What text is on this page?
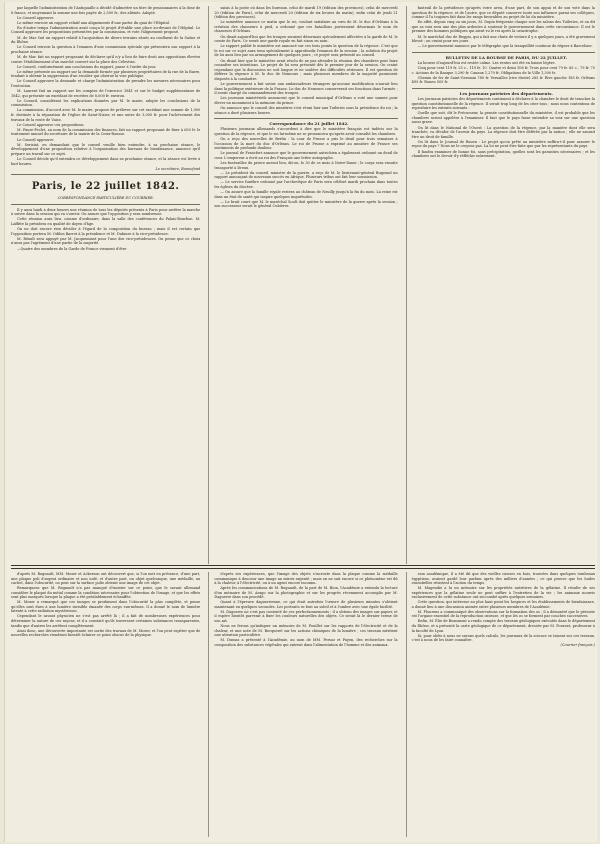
par laquelle l'administration de l'Antiquaille a décidé d'admettre un titre de pensionnaires à la dose de 8 francs, et moyennant la somme une fois payée de 2,500 fr., des aliénés. Adopté.

Le Conseil approuve.

Le même renvoie un rapport relatif aux alignements d'une partie du quai de l'Hôpital.

En d'autre temps l'administration avait conçu le projet d'établir une place au-devant de l'Hôpital. Le Conseil approuve les propositions présentées par la commission, et vote l'alignement proposé.

M. de Mar. fait un rapport relatif à l'acquisition de divers terrains situés au confluent de la Saône et du Rhône.

Le Conseil renvoie la question à l'examen d'une commission spéciale qui présentera son rapport à la prochaine séance.

M. de Mar. fait un rapport proposant de déclarer qu'il n'y a lieu de faire droit aux oppositions élevées contre l'établissement d'un marché couvert sur la place des Célestins.

Le Conseil, conformément aux conclusions du rapport, passe à l'ordre du jour.

Le même présente un rapport sur la demande formée par plusieurs propriétaires de la rue de la Barre, tendant à obtenir la suppression d'un escalier qui obstrue la voie publique.

Le Conseil approuve la demande et charge l'administration de prendre les mesures nécessaires pour l'exécution.

M. Laurent fait un rapport sur les comptes de l'exercice 1841 et sur le budget supplémentaire de 1842, qui présente un excédant de recettes de 8,000 fr. environ.

Le Conseil, considérant les explications données par M. le maire, adopte les conclusions de la commission.

La commission, d'accord avec M. le maire, propose de prélever sur cet excédant une somme de 1,000 fr. destinée à la réparation de l'église de Saint-Nizier, et une autre de 3,000 fr. pour l'achèvement des travaux de la route de Vaise.

Le Conseil approuve ces propositions.

M. Faure-Peclet, au nom de la commission des finances, fait un rapport proposant de fixer à 650 fr. le traitement annuel du secrétaire de la mairie de la Croix-Rousse.

Le Conseil approuve.

M. Seriziat, en demandant que le conseil veuille bien entendre, à sa prochaine séance, le développement d'une proposition relative à l'organisation des bureaux de bienfaisance, annonce qu'il prépare un travail sur ce sujet.

Le Conseil décide qu'il entendra ce développement dans sa prochaine séance, et la séance est levée à huit heures.

Le secrétaire, Bonnefond

Paris, le 22 juillet 1842.

CORRESPONDANCE PARTICULIÈRE DU COURRIER.

Il y aura lundi à deux heures une réunion de tous les députés présents à Paris pour arrêter la marche à suivre dans la session qui va s'ouvrir. On assure que l'opposition y sera nombreuse.

Cette réunion aura lieu, comme d'ordinaire, dans la salle des conférences du Palais-Bourbon. M. Laffitte la présidera en qualité de doyen d'âge.

On ne doit encore rien décider à l'égard de la composition du bureau ; mais il est certain que l'opposition portera M. Odilon Barrot à la présidence et M. Dufaure à la vice-présidence.

M. Réault sera appuyé par M. Jacqueminot pour l'une des vice-présidences. On pense que ce choix n'aura pas l'agrément d'une partie de la majorité.

—Quatre des membres de la Garde de France viennent d'être

saisis à la poste où dans les bureaux, celui de mardi 19 (édition des provinces), celui de mercredi 20 (édition de Paris), celui de mercredi 20 (édition de six heures du matin), enfin celui de jeudi 21 (édition des provinces).

Le ministère annonce ce matin que le roi, voulant satisfaire au vœu de M. le duc d'Orléans à la création des chasseurs à pied, a ordonné que ces bataillons porteraient désormais le nom de chasseurs d'Orléans.

On disait aujourd'hui que les troupes seraient désormais spécialement affectées à la garde de M. le comte de Paris. Ce serait une garde royale en fait sinon en nom.

Le rapport publié le ministère est annoncé sur ces trois points la question de la régence. C'est que le roi sur ce sujet aura tenu spécialement à approfondir l'examen de la session ; la solution du projet de loi aura lieu par un arrangement de quelques jours ; ce projet sera présenté au conseil.

On disait hier que le ministère avait résolu de ne pas attendre la réunion des chambres pour faire connaître ses intentions. Le projet de loi sera présenté dès le premier jour de la session. On craint cependant que la discussion ne soit longue et ne soulève des difficultés sérieuses. Il est question de déférer la régence à M. le duc de Nemours ; mais plusieurs membres de la majorité paraissent disposés à la combattre.

Le gouvernement a fait savoir aux ambassadeurs étrangers qu'aucune modification n'aurait lieu dans la politique extérieure de la France. Le duc de Nemours conserverait ses fonctions dans l'armée ; il serait chargé du commandement des troupes.

Les journaux ministériels annoncent que le conseil municipal d'Orléans a voté une somme pour élever un monument à la mémoire du prince.

On annonce que le conseil des ministres s'est réuni hier aux Tuileries sous la présidence du roi ; la séance a duré plusieurs heures.

Correspondance du 21 juillet 1842.

Plusieurs journaux allemands s'accordent à dire que le ministère français est indécis sur la question de la régence, et que le roi lui-même ne se prononcera qu'après avoir consulté les chambres.

On a reçu des nouvelles de Berlin : la cour de Prusse a pris le deuil pour trois semaines à l'occasion de la mort du duc d'Orléans. Le roi de Prusse a exprimé au ministre de France ses sentiments de profonde douleur.

Le journal de Francfort annonce que le gouvernement autrichien a également ordonné un deuil de cour. L'empereur a écrit au roi des Français une lettre autographe.

Les funérailles du prince auront lieu, dit-on, le 30 de ce mois à Notre-Dame ; le corps sera ensuite transporté à Dreux.

— Le président du conseil, ministre de la guerre, a reçu de M. le lieutenant-général Bugeaud un rapport annonçant de nouveaux succès en Afrique. Plusieurs tribus ont fait leur soumission.

— Le service funèbre ordonné par l'archevêque de Paris sera célébré mardi prochain dans toutes les églises du diocèse.

— On assure que la famille royale restera au château de Neuilly jusqu'à la fin du mois. La reine est dans un état de santé qui inspire quelques inquiétudes.

— Le bruit court que M. le maréchal Soult doit quitter le ministère de la guerre après la session ; son successeur serait le général Cubières.

fauteuil de la présidence qu'après votre aveu, d'une part, de son appui et de son vote dans la question de la régence, et de l'autre, que ce député conserve toute son influence parmi ses collègues, comme il l'a toujours fait dans les rangs favorables au projet de loi du ministère.

En effet, depuis cinq ou six jours, M. Dupin fréquente chaque soir les salons des Tuileries, et on dit que sa voix sera une des plus ardentes à soutenir le gouvernement dans cette circonstance. Il est le premier des hommes politiques qui aient vu le roi après la catastrophe.

M. le maréchal duc de Reggio, qui a fait une chute de voiture il y a quelques jours, a été gravement blessé ; on craint pour ses jours.

— Le gouvernement annonce par le télégraphe que la tranquillité continue de régner à Barcelone.

BULLETIN DE LA BOURSE DE PARIS, DU 22 JUILLET.

La bourse d'aujourd'hui est restée calme. Les rentes ont été en baisse légère.

Cinq pour cent 119 fr. 25 c., 119 fr. 10. Quatre et demi 108 fr. Trois pour cent 79 fr. 85 c., 79 fr. 75 c. Actions de la Banque 3,290 fr. Canaux 1,270 fr. Obligations de la Ville 1,300 fr.

Chemin de fer de Saint-Germain 780 fr. Versailles (rive droite) 285 fr. Rive gauche 185 fr. Orléans 495 fr. Rouen 505 fr.

Les journaux patriotes des départements.

Les journaux patriotes des départements continuent à déclarer à la chambre le droit de trancher la question constitutionnelle de la régence. Il serait trop long de les citer tous ; nous nous contentons de reproduire les extraits suivants :

Quelle que soit, dit le Précurseur, la pensée constitutionnelle du ministère, il est probable que les chambres seront appelées à l'examiner. Il faut que le pays fasse entendre sa voix sur une question aussi grave.

On lit dans le National de l'Ouest : La question de la régence, par la manière dont elle sera tranchée, va décider de l'avenir du pays. La régence doit être déférée par la nation ; elle ne saurait être un droit de famille.

On lit dans le Journal de Rouen : Le projet qu'on prête au ministère suffira-t-il pour assurer le repos du pays ? Nous ne le croyons pas. La loi ne peut être faite que par les représentants du pays.

Il faudra examiner de bonne foi, sans précipitation, quelles sont les garanties nécessaires ; et les chambres ont le devoir d'y réfléchir mûrement.

d'après M. Regnault, MM. Moser et Ackerson ont découvert que, si l'on met en présence, d'une part, une plaque poli d'argent ordinaire et non iodé, et d'autre part, un objet quelconque, une médaille, un cachet, dans l'obscurité, on peut sur la surface polie obtenir une image de cet objet.

Remarquons que M. Regnault n'a pas manqué d'insister sur ce point, que le savant allemand considère le plaqué du métal comme la condition nécessaire pour l'obtention de l'image, et que les effets sont plus marqués lorsque la plaque a été préalablement échauffée.

M. Moser a remarqué que ces images se produisent dans l'obscurité la plus complète, et pense qu'elles sont dues à une lumière invisible émanée des corps eux-mêmes. Il a donné le nom de lumière latente à cette radiation mystérieuse.

Cependant le savant physicien ne s'est pas arrêté là ; il a fait de nombreuses expériences pour déterminer la nature de ces rayons, et il a constaté qu'ils traversent certaines substances transparentes, tandis que d'autres les arrêtent complètement.

Ainsi donc, une découverte importante est sortie des travaux de M. Moser, et l'on peut espérer que de nouvelles recherches viendront bientôt éclairer ce point obscur de la physique.

d'après ses expériences, que l'image des objets s'incruste dans la plaque comme la médaille communique à douceur une image au miroir argenté ; mais on ne sait encore si ce phénomène est dû à la chaleur, à l'électricité, ou à un agent encore inconnu.

Après les communications de M. Regnault, de la part de M. Bion, l'Académie a entendu la lecture d'un mémoire de M. Arago sur la photographie et sur les progrès récemment accomplis par M. Daguerre dans son procédé.

Quant à l'épreuve daguerrienne, ce qui était autrefois l'œuvre de plusieurs minutes s'obtient maintenant en quelques secondes. Les portraits se font au soleil et à l'ombre avec une égale facilité.

M. Daguerre ne s'est pas contenté de ces perfectionnements ; il a obtenu des images sur papier, et il espère bientôt parvenir à fixer les couleurs naturelles des objets. Ce serait là le dernier terme de son art.

Nous ne ferons qu'indiquer un mémoire de M. Pouillet sur les rapports de l'électricité et de la chaleur, et une note de M. Becquerel sur les actions chimiques de la lumière ; ces travaux méritent une attention particulière.

M. Dumas a présenté à l'Académie, au nom de MM. Persoz et Payen, des recherches sur la composition des substances végétales qui entrent dans l'alimentation de l'homme et des animaux.

sion académique, il a été dit que des vieilles cuisses en bois, trouvées dans quelques tombeaux égyptiens, avaient gardé leur parfum après des milliers d'années ; ce qui prouve que les huiles essentielles résistent à l'action du temps.

M. Magendie a lu un mémoire sur les propriétés nutritives de la gélatine. Il résulte de ses expériences que la gélatine seule ne peut suffire à l'entretien de la vie ; les animaux nourris exclusivement de cette substance ont succombé après quelques semaines.

Cette question, qui intéresse au plus haut point les hospices et les établissements de bienfaisance, a donné lieu à une discussion animée entre plusieurs membres de l'Académie.

M. Flourens a communiqué des observations sur la formation des os ; il a démontré que le périoste est l'organe essentiel de la reproduction osseuse, et que les os se forment par couches successives.

Enfin, M. Élie de Beaumont a rendu compte des travaux géologiques exécutés dans le département du Rhône, et a présenté la carte géologique de ce département, dressée par M. Fournet, professeur à la faculté de Lyon.

Si, pour obéir à nous ne savons quels calculs, les journaux de la science se taisent sur ces travaux, c'est à nous de les faire connaître.

(Courrier français.)
